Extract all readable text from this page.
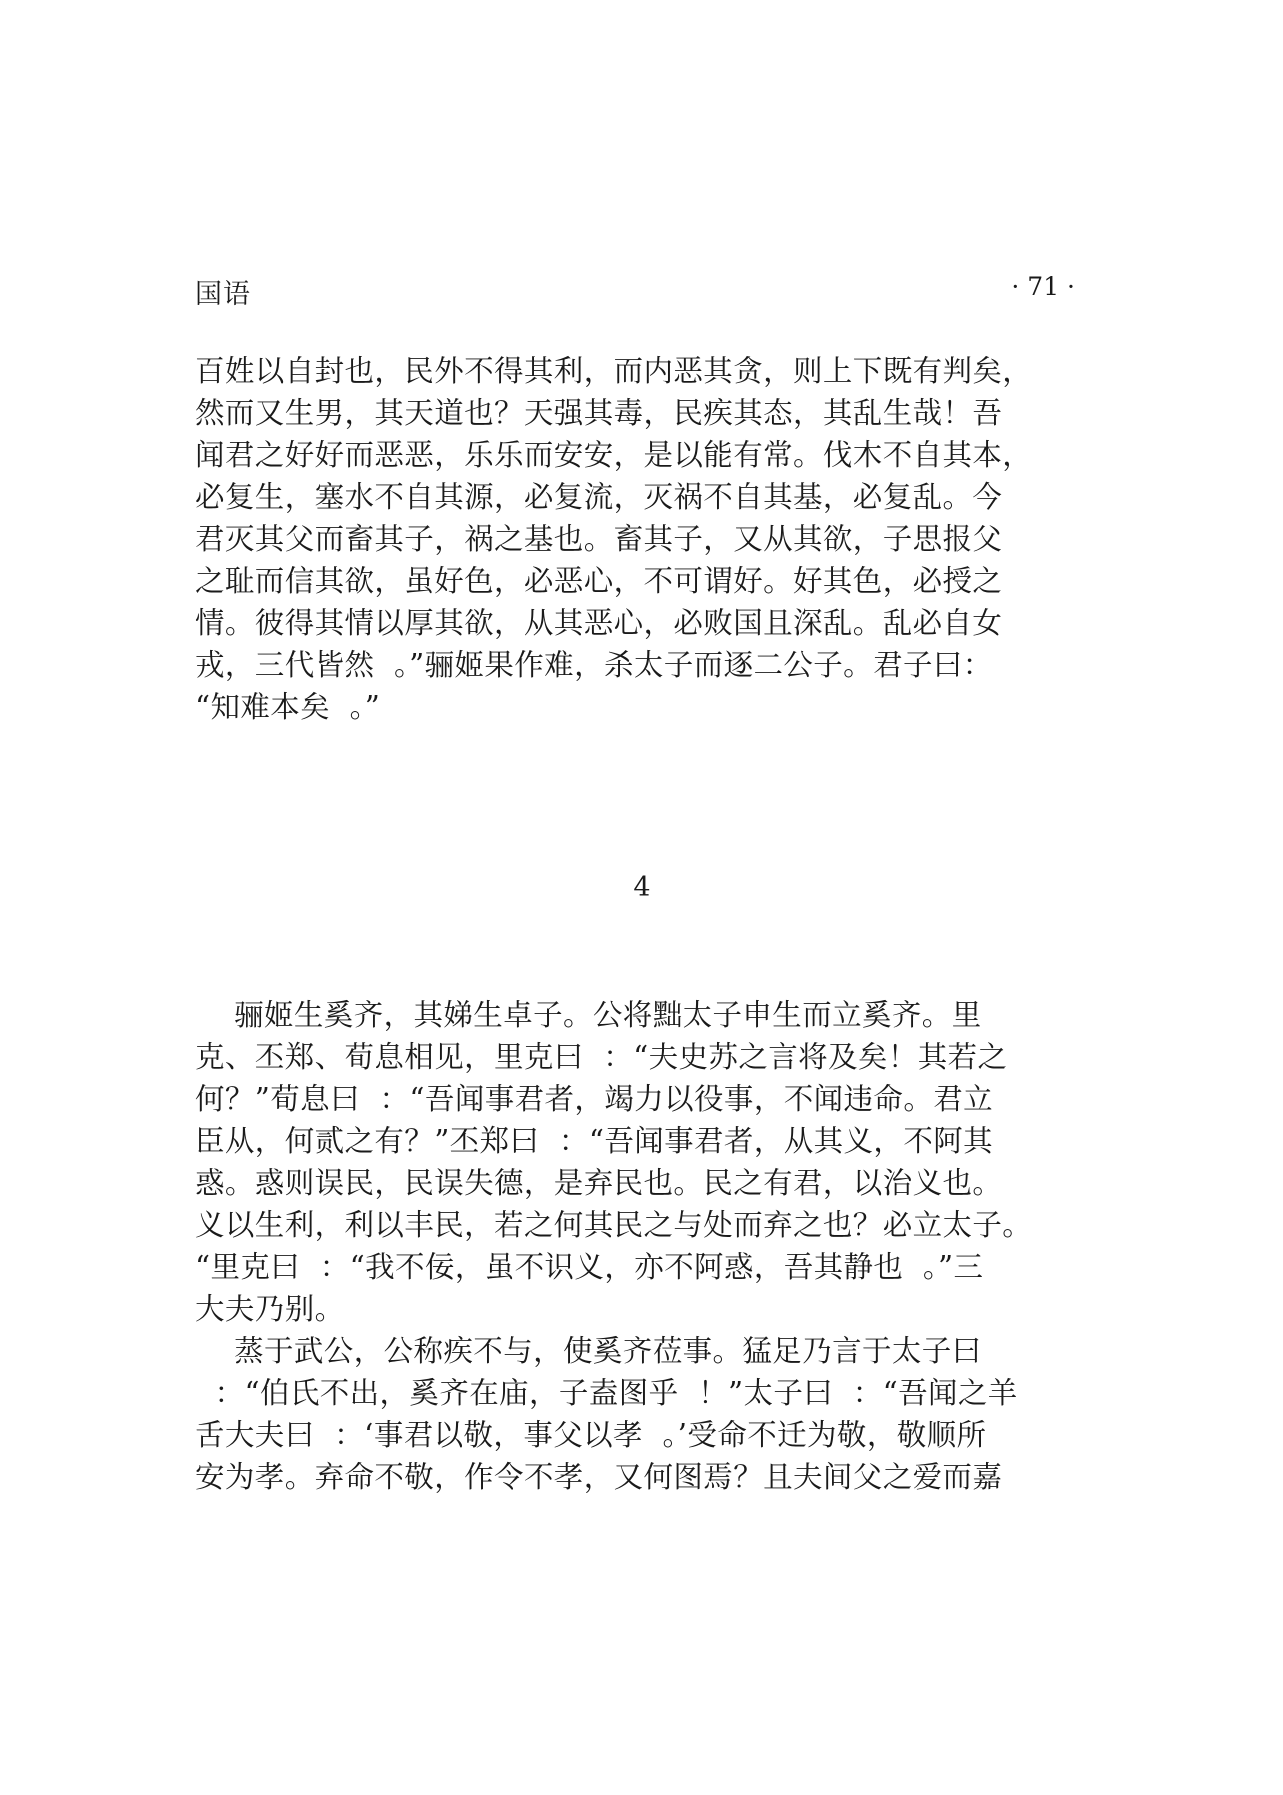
国语	· 71 ·
百姓以自封也，民外不得其利，而内恶其贪，则上下既有判矣，
然而又生男，其天道也？天强其毒，民疾其态，其乱生哉！吾
闻君之好好而恶恶，乐乐而安安，是以能有常。伐木不自其本，
必复生，塞水不自其源，必复流，灭祸不自其基，必复乱。今
君灭其父而畜其子，祸之基也。畜其子，又从其欲，子思报父
之耻而信其欲，虽好色，必恶心，不可谓好。好其色，必授之
情。彼得其情以厚其欲，从其恶心，必败国且深乱。乱必自女
戎，三代皆然  。”骊姬果作难，杀太子而逐二公子。君子曰：
“知难本矣  。”
4
骊姬生奚齐，其娣生卓子。公将黜太子申生而立奚齐。里
克、丕郑、荀息相见，里克曰  ：“夫史苏之言将及矣！其若之
何？”荀息曰  ：“吾闻事君者，竭力以役事，不闻违命。君立
臣从，何贰之有？”丕郑曰  ：“吾闻事君者，从其义，不阿其
惑。惑则误民，民误失德，是弃民也。民之有君，以治义也。
义以生利，利以丰民，若之何其民之与处而弃之也？必立太子。
“里克曰  ：“我不佞，虽不识义，亦不阿惑，吾其静也  。”三
大夫乃别。
蒸于武公，公称疾不与，使奚齐莅事。猛足乃言于太子曰
：“伯氏不出，奚齐在庙，子盍图乎  ！”太子曰  ：“吾闻之羊
舌大夫曰  ：‘事君以敬，事父以孝  。’受命不迁为敬，敬顺所
安为孝。弃命不敬，作令不孝，又何图焉？且夫间父之爱而嘉
